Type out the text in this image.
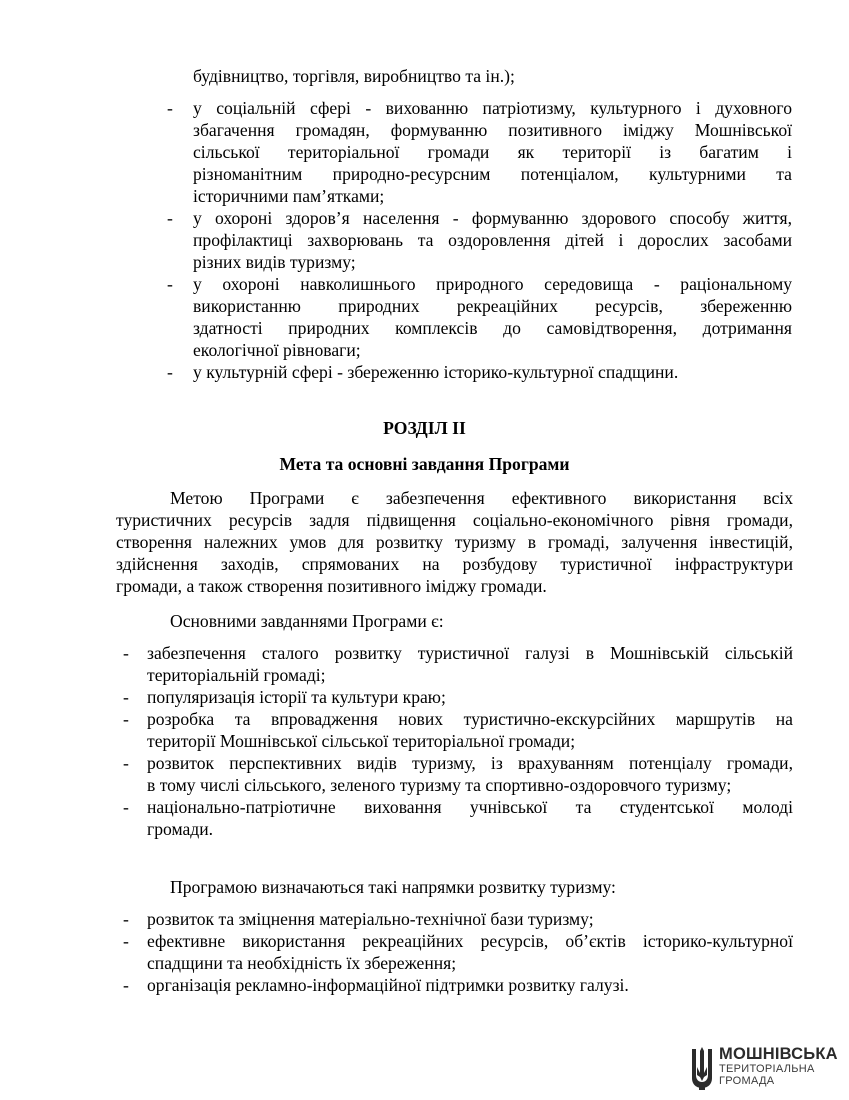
будівництво, торгівля, виробництво та ін.);
- у соціальній сфері - вихованню патріотизму, культурного і духовного
збагачення громадян, формуванню позитивного іміджу Мошнівської
сільської територіальної громади як території із багатим і
різноманітним природно-ресурсним потенціалом, культурними та
історичними пам’ятками;
- у охороні здоров’я населення - формуванню здорового способу життя,
профілактиці захворювань та оздоровлення дітей і дорослих засобами
різних видів туризму;
- у охороні навколишнього природного середовища - раціональному
використанню природних рекреаційних ресурсів, збереженню
здатності природних комплексів до самовідтворення, дотримання
екологічної рівноваги;
- у культурній сфері - збереженню історико-культурної спадщини.
РОЗДІЛ ІІ
Мета та основні завдання Програми
Метою Програми є забезпечення ефективного використання всіх
туристичних ресурсів задля підвищення соціально-економічного рівня громади,
створення належних умов для розвитку туризму в громаді, залучення інвестицій,
здійснення заходів, спрямованих на розбудову туристичної інфраструктури
громади, а також створення позитивного іміджу громади.
Основними завданнями Програми є:
- забезпечення сталого розвитку туристичної галузі в Мошнівській сільській
територіальній громаді;
- популяризація історії та культури краю;
- розробка та впровадження нових туристично-екскурсійних маршрутів на
території Мошнівської сільської територіальної громади;
- розвиток перспективних видів туризму, із врахуванням потенціалу громади,
в тому числі сільського, зеленого туризму та спортивно-оздоровчого туризму;
- національно-патріотичне виховання учнівської та студентської молоді
громади.
Програмою визначаються такі напрямки розвитку туризму:
- розвиток та зміцнення матеріально-технічної бази туризму;
- ефективне використання рекреаційних ресурсів, об’єктів історико-культурної
спадщини та необхідність їх збереження;
- організація рекламно-інформаційної підтримки розвитку галузі.
МОШНІВСЬКА
ТЕРИТОРІАЛЬНА
ГРОМАДА
